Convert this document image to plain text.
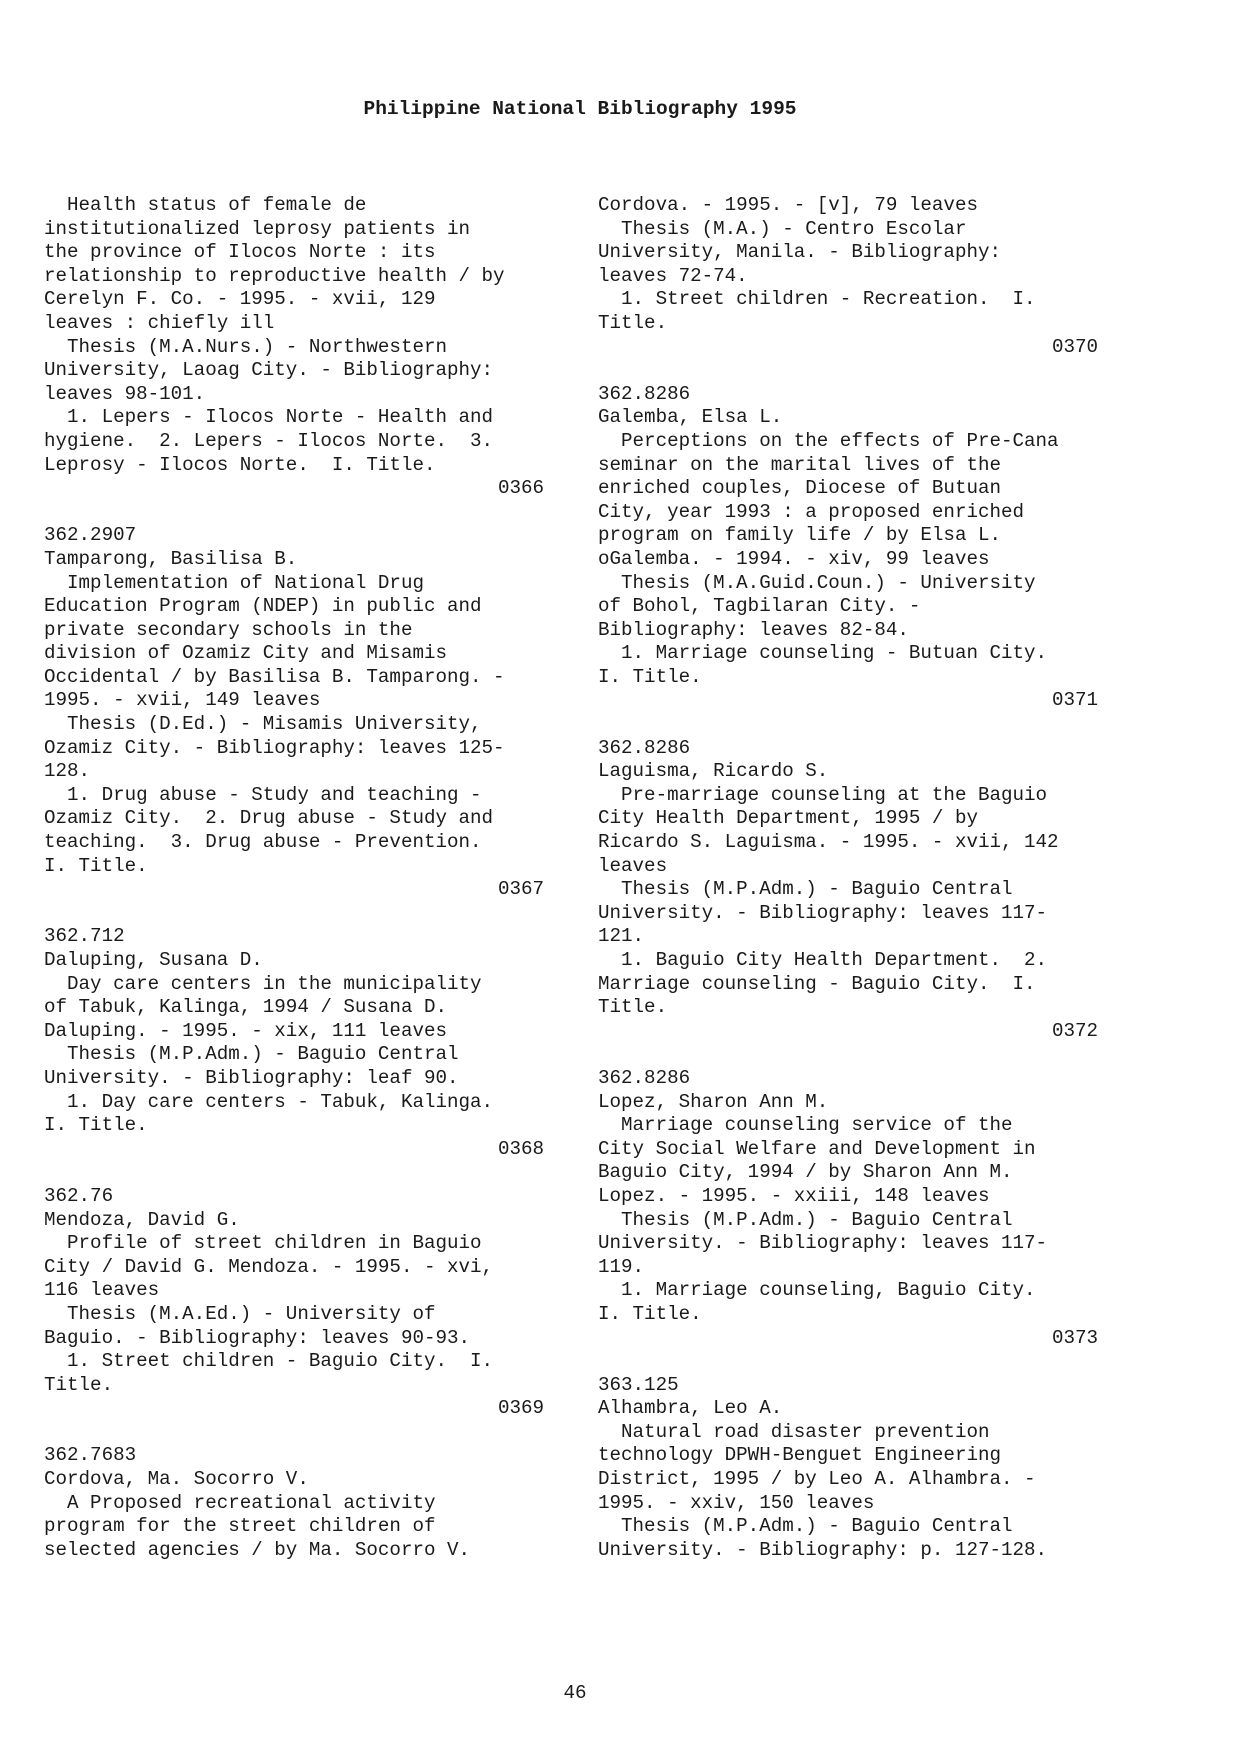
Philippine National Bibliography 1995
Health status of female de
institutionalized leprosy patients in
the province of Ilocos Norte : its
relationship to reproductive health / by
Cerelyn F. Co. - 1995. - xvii, 129
leaves : chiefly ill
Thesis (M.A.Nurs.) - Northwestern
University, Laoag City. - Bibliography:
leaves 98-101.
1. Lepers - Ilocos Norte - Health and
hygiene.  2. Lepers - Ilocos Norte.  3.
Leprosy - Ilocos Norte.  I. Title.
0366
362.2907
Tamparong, Basilisa B.
Implementation of National Drug
Education Program (NDEP) in public and
private secondary schools in the
division of Ozamiz City and Misamis
Occidental / by Basilisa B. Tamparong. -
1995. - xvii, 149 leaves
Thesis (D.Ed.) - Misamis University,
Ozamiz City. - Bibliography: leaves 125-
128.
1. Drug abuse - Study and teaching -
Ozamiz City.  2. Drug abuse - Study and
teaching.  3. Drug abuse - Prevention.
I. Title.
0367
362.712
Daluping, Susana D.
Day care centers in the municipality
of Tabuk, Kalinga, 1994 / Susana D.
Daluping. - 1995. - xix, 111 leaves
Thesis (M.P.Adm.) - Baguio Central
University. - Bibliography: leaf 90.
1. Day care centers - Tabuk, Kalinga.
I. Title.
0368
362.76
Mendoza, David G.
Profile of street children in Baguio
City / David G. Mendoza. - 1995. - xvi,
116 leaves
Thesis (M.A.Ed.) - University of
Baguio. - Bibliography: leaves 90-93.
1. Street children - Baguio City.  I.
Title.
0369
362.7683
Cordova, Ma. Socorro V.
A Proposed recreational activity
program for the street children of
selected agencies / by Ma. Socorro V.
Cordova. - 1995. - [v], 79 leaves
Thesis (M.A.) - Centro Escolar
University, Manila. - Bibliography:
leaves 72-74.
1. Street children - Recreation.  I.
Title.
0370
362.8286
Galemba, Elsa L.
Perceptions on the effects of Pre-Cana
seminar on the marital lives of the
enriched couples, Diocese of Butuan
City, year 1993 : a proposed enriched
program on family life / by Elsa L.
oGalemba. - 1994. - xiv, 99 leaves
Thesis (M.A.Guid.Coun.) - University
of Bohol, Tagbilaran City. -
Bibliography: leaves 82-84.
1. Marriage counseling - Butuan City.
I. Title.
0371
362.8286
Laguisma, Ricardo S.
Pre-marriage counseling at the Baguio
City Health Department, 1995 / by
Ricardo S. Laguisma. - 1995. - xvii, 142
leaves
Thesis (M.P.Adm.) - Baguio Central
University. - Bibliography: leaves 117-
121.
1. Baguio City Health Department.  2.
Marriage counseling - Baguio City.  I.
Title.
0372
362.8286
Lopez, Sharon Ann M.
Marriage counseling service of the
City Social Welfare and Development in
Baguio City, 1994 / by Sharon Ann M.
Lopez. - 1995. - xxiii, 148 leaves
Thesis (M.P.Adm.) - Baguio Central
University. - Bibliography: leaves 117-
119.
1. Marriage counseling, Baguio City.
I. Title.
0373
363.125
Alhambra, Leo A.
Natural road disaster prevention
technology DPWH-Benguet Engineering
District, 1995 / by Leo A. Alhambra. -
1995. - xxiv, 150 leaves
Thesis (M.P.Adm.) - Baguio Central
University. - Bibliography: p. 127-128.
46
